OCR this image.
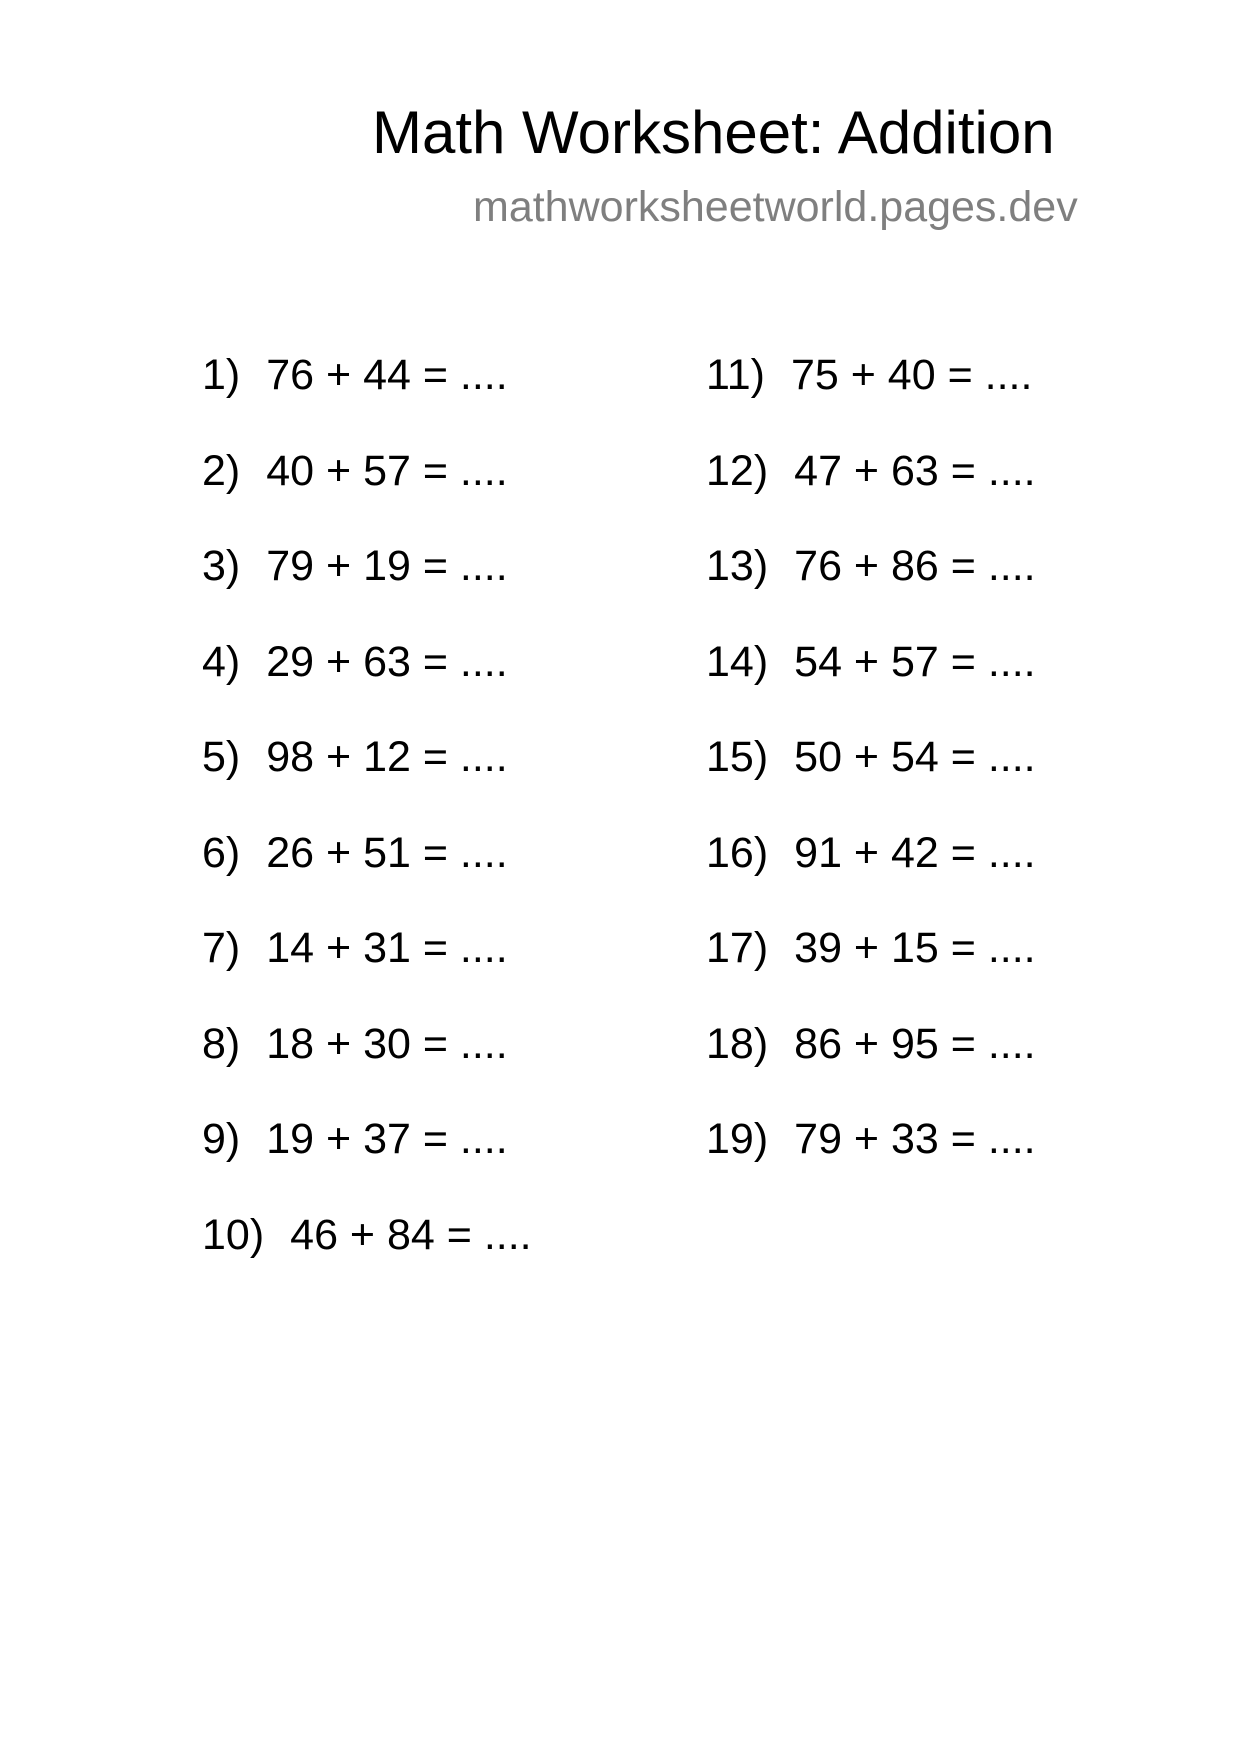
Math Worksheet: Addition
mathworksheetworld.pages.dev
1) 76 + 44 = ....
2) 40 + 57 = ....
3) 79 + 19 = ....
4) 29 + 63 = ....
5) 98 + 12 = ....
6) 26 + 51 = ....
7) 14 + 31 = ....
8) 18 + 30 = ....
9) 19 + 37 = ....
10) 46 + 84 = ....
11) 75 + 40 = ....
12) 47 + 63 = ....
13) 76 + 86 = ....
14) 54 + 57 = ....
15) 50 + 54 = ....
16) 91 + 42 = ....
17) 39 + 15 = ....
18) 86 + 95 = ....
19) 79 + 33 = ....
